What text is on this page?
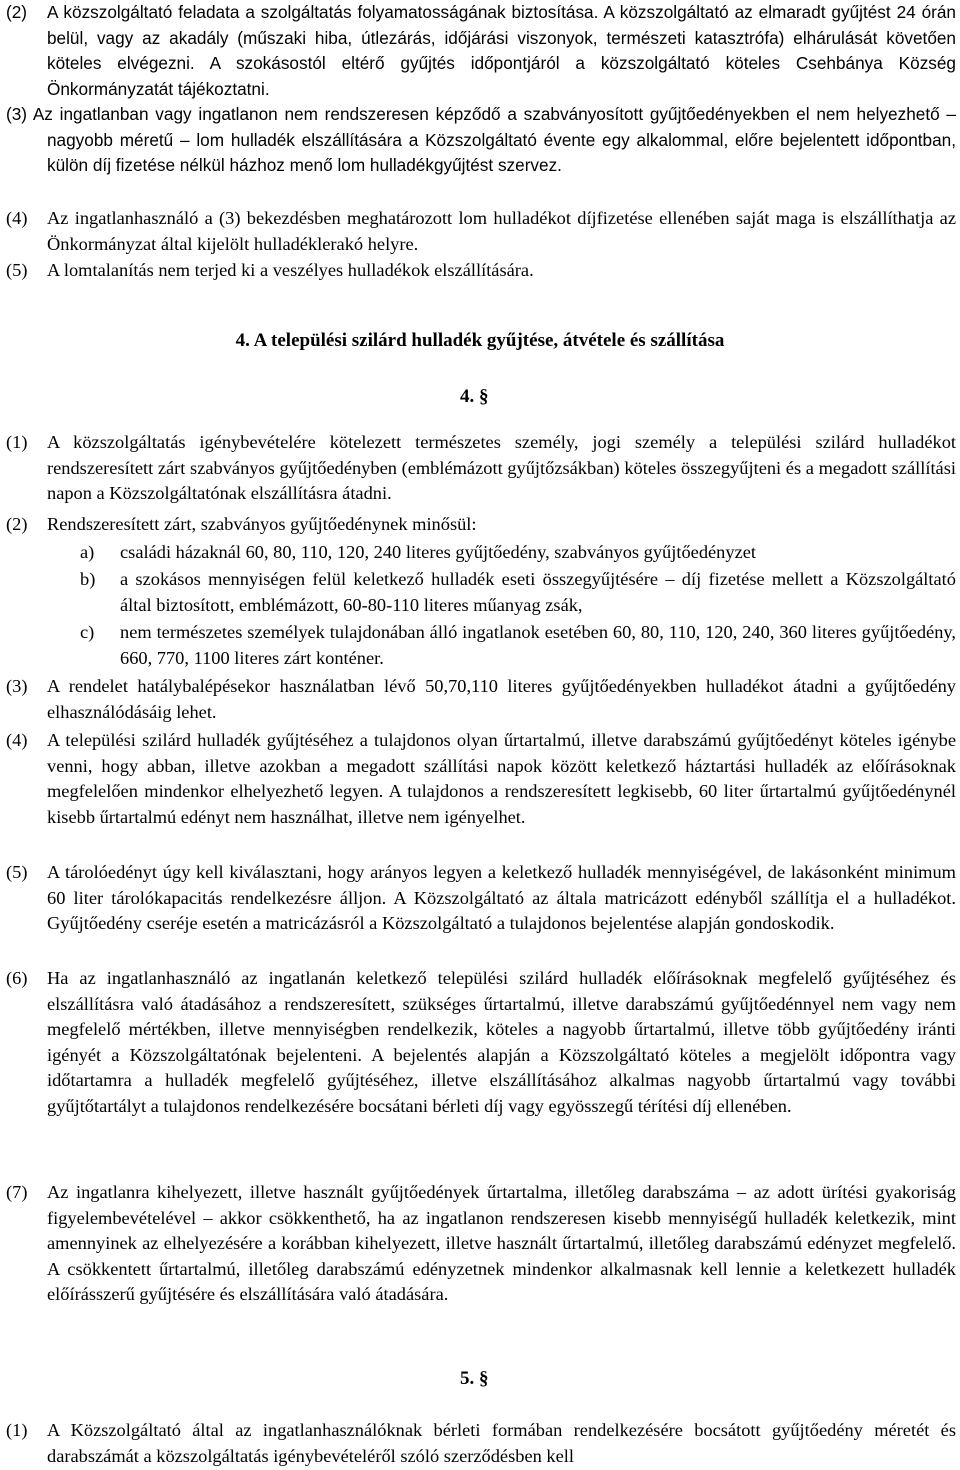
(2) A közszolgáltató feladata a szolgáltatás folyamatosságának biztosítása. A közszolgáltató az elmaradt gyűjtést 24 órán belül, vagy az akadály (műszaki hiba, útlezárás, időjárási viszonyok, természeti katasztrófa) elhárulását követően köteles elvégezni. A szokásostól eltérő gyűjtés időpontjáról a közszolgáltató köteles Csehbánya Község Önkormányzatát tájékoztatni.
(3) Az ingatlanban vagy ingatlanon nem rendszeresen képződő a szabványosított gyűjtőedényekben el nem helyezhető – nagyobb méretű – lom hulladék elszállítására a Közszolgáltató évente egy alkalommal, előre bejelentett időpontban, külön díj fizetése nélkül házhoz menő lom hulladékgyűjtést szervez.
(4) Az ingatlanhasználó a (3) bekezdésben meghatározott lom hulladékot díjfizetése ellenében saját maga is elszállíthatja az Önkormányzat által kijelölt hulladéklerakó helyre.
(5) A lomtalanítás nem terjed ki a veszélyes hulladékok elszállítására.
4. A települési szilárd hulladék gyűjtése, átvétele és szállítása
4. §
(1) A közszolgáltatás igénybevételére kötelezett természetes személy, jogi személy a települési szilárd hulladékot rendszeresített zárt szabványos gyűjtőedényben (emblémázott gyűjtőzsákban) köteles összegyűjteni és a megadott szállítási napon a Közszolgáltatónak elszállításra átadni.
(2) Rendszeresített zárt, szabványos gyűjtőedénynek minősül:
a) családi házaknál 60, 80, 110, 120, 240 literes gyűjtőedény, szabványos gyűjtőedényzet
b) a szokásos mennyiségen felül keletkező hulladék eseti összegyűjtésére – díj fizetése mellett a Közszolgáltató által biztosított, emblémázott, 60-80-110 literes műanyag zsák,
c) nem természetes személyek tulajdonában álló ingatlanok esetében 60, 80, 110, 120, 240, 360 literes gyűjtőedény, 660, 770, 1100 literes zárt konténer.
(3) A rendelet hatálybalépésekor használatban lévő 50,70,110 literes gyűjtőedényekben hulladékot átadni a gyűjtőedény elhasználódásáig lehet.
(4) A települési szilárd hulladék gyűjtéséhez a tulajdonos olyan űrtartalmú, illetve darabszámú gyűjtőedényt köteles igénybe venni, hogy abban, illetve azokban a megadott szállítási napok között keletkező háztartási hulladék az előírásoknak megfelelően mindenkor elhelyezhető legyen. A tulajdonos a rendszeresített legkisebb, 60 liter űrtartalmú gyűjtőedénynél kisebb űrtartalmú edényt nem használhat, illetve nem igényelhet.
(5) A tárolóedényt úgy kell kiválasztani, hogy arányos legyen a keletkező hulladék mennyiségével, de lakásonként minimum 60 liter tárolókapacitás rendelkezésre álljon. A Közszolgáltató az általa matricázott edényből szállítja el a hulladékot. Gyűjtőedény cseréje esetén a matricázásról a Közszolgáltató a tulajdonos bejelentése alapján gondoskodik.
(6) Ha az ingatlanhasználó az ingatlanán keletkező települési szilárd hulladék előírásoknak megfelelő gyűjtéséhez és elszállításra való átadásához a rendszeresített, szükséges űrtartalmú, illetve darabszámú gyűjtőedénnyel nem vagy nem megfelelő mértékben, illetve mennyiségben rendelkezik, köteles a nagyobb űrtartalmú, illetve több gyűjtőedény iránti igényét a Közszolgáltatónak bejelenteni. A bejelentés alapján a Közszolgáltató köteles a megjelölt időpontra vagy időtartamra a hulladék megfelelő gyűjtéséhez, illetve elszállításához alkalmas nagyobb űrtartalmú vagy további gyűjtőtartályt a tulajdonos rendelkezésére bocsátani bérleti díj vagy egyösszegű térítési díj ellenében.
(7) Az ingatlanra kihelyezett, illetve használt gyűjtőedények űrtartalma, illetőleg darabszáma – az adott ürítési gyakoriság figyelembevételével – akkor csökkenthető, ha az ingatlanon rendszeresen kisebb mennyiségű hulladék keletkezik, mint amennyinek az elhelyezésére a korábban kihelyezett, illetve használt űrtartalmú, illetőleg darabszámú edényzet megfelelő. A csökkentett űrtartalmú, illetőleg darabszámú edényzetnek mindenkor alkalmasnak kell lennie a keletkezett hulladék előírásszerű gyűjtésére és elszállítására való átadására.
5. §
(1) A Közszolgáltató által az ingatlanhasználóknak bérleti formában rendelkezésére bocsátott gyűjtőedény méretét és darabszámát a közszolgáltatás igénybevételéről szóló szerződésben kell
